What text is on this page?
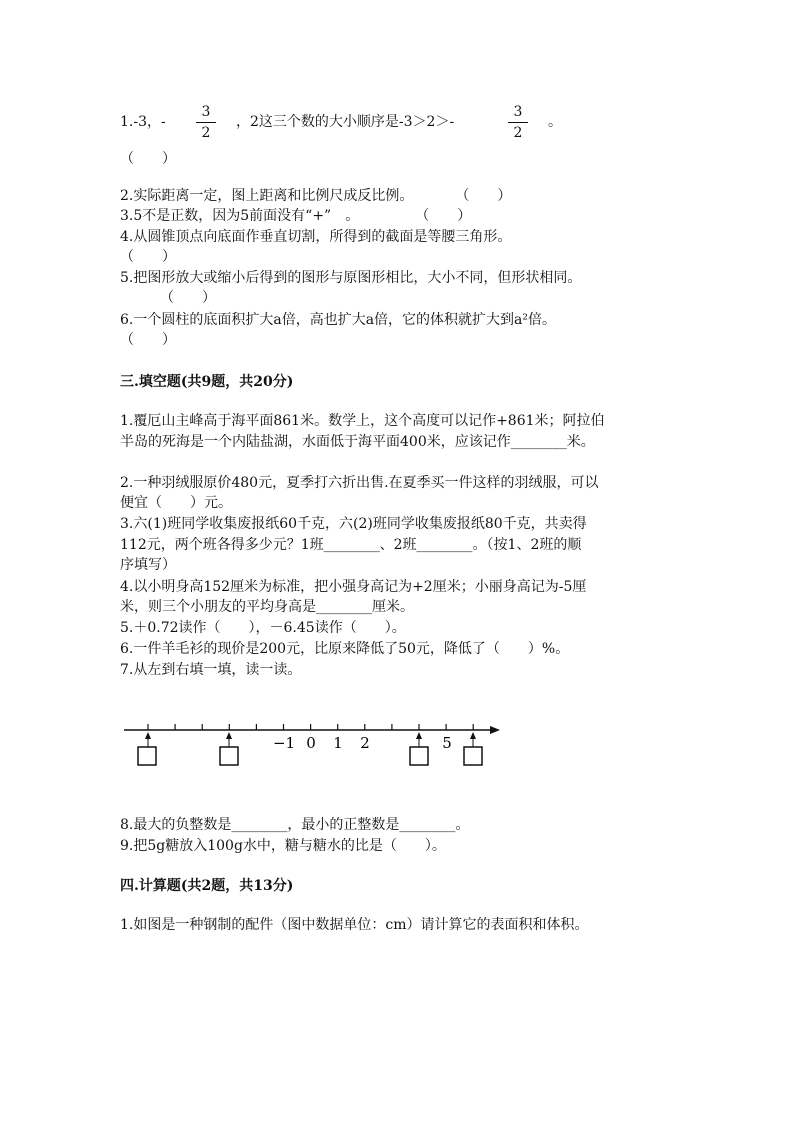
1.-3，-
3
2
，2这三个数的大小顺序是-3＞2＞-
3
2
。
（　　）
2.实际距离一定，图上距离和比例尺成反比例。　　　　（　　）
3.5不是正数，因为5前面没有“+”　。　　　　　（　　）
4.从圆锥顶点向底面作垂直切割，所得到的截面是等腰三角形。
（　　）
5.把图形放大或缩小后得到的图形与原图形相比，大小不同，但形状相同。
（　　）
6.一个圆柱的底面积扩大a倍，高也扩大a倍，它的体积就扩大到a²倍。
（　　）
三.填空题(共9题，共20分)
1.覆厄山主峰高于海平面861米。数学上，这个高度可以记作+861米；阿拉伯
半岛的死海是一个内陆盐湖，水面低于海平面400米，应该记作________米。
2.一种羽绒服原价480元，夏季打六折出售.在夏季买一件这样的羽绒服，可以
便宜（　　）元。
3.六(1)班同学收集废报纸60千克，六(2)班同学收集废报纸80千克，共卖得
112元，两个班各得多少元？1班________、2班________。（按1、2班的顺
序填写）
4.以小明身高152厘米为标准，把小强身高记为+2厘米；小丽身高记为-5厘
米，则三个小朋友的平均身高是________厘米。
5.＋0.72读作（　　），－6.45读作（　　）。
6.一件羊毛衫的现价是200元，比原来降低了50元，降低了（　　）%。
7.从左到右填一填，读一读。
−1 0 1 2	5
8.最大的负整数是________，最小的正整数是________。
9.把5g糖放入100g水中，糖与糖水的比是（　　）。
四.计算题(共2题，共13分)
1.如图是一种钢制的配件（图中数据单位：cm）请计算它的表面积和体积。
